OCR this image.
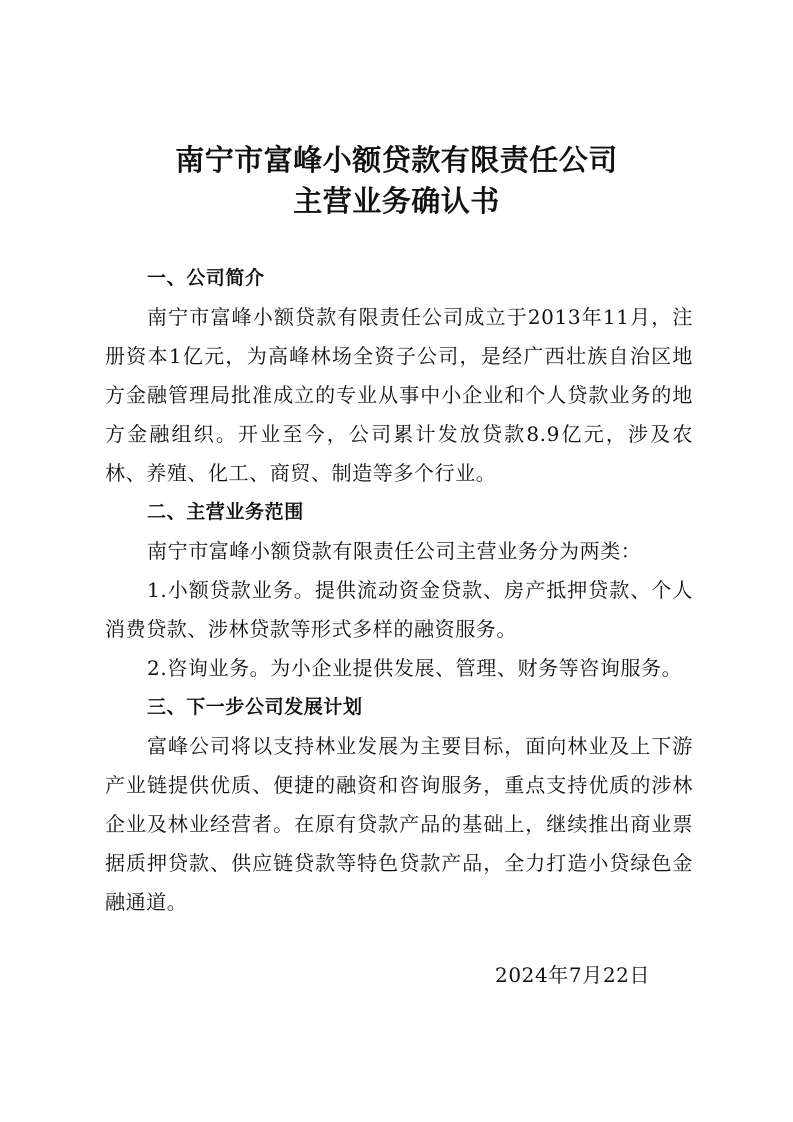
南宁市富峰小额贷款有限责任公司
主营业务确认书

一、公司简介

南宁市富峰小额贷款有限责任公司成立于2013年11月，注册资本1亿元，为高峰林场全资子公司，是经广西壮族自治区地方金融管理局批准成立的专业从事中小企业和个人贷款业务的地方金融组织。开业至今，公司累计发放贷款8.9亿元，涉及农林、养殖、化工、商贸、制造等多个行业。

二、主营业务范围

南宁市富峰小额贷款有限责任公司主营业务分为两类：

1.小额贷款业务。提供流动资金贷款、房产抵押贷款、个人消费贷款、涉林贷款等形式多样的融资服务。

2.咨询业务。为小企业提供发展、管理、财务等咨询服务。

三、下一步公司发展计划

富峰公司将以支持林业发展为主要目标，面向林业及上下游产业链提供优质、便捷的融资和咨询服务，重点支持优质的涉林企业及林业经营者。在原有贷款产品的基础上，继续推出商业票据质押贷款、供应链贷款等特色贷款产品，全力打造小贷绿色金融通道。

2024年7月22日
